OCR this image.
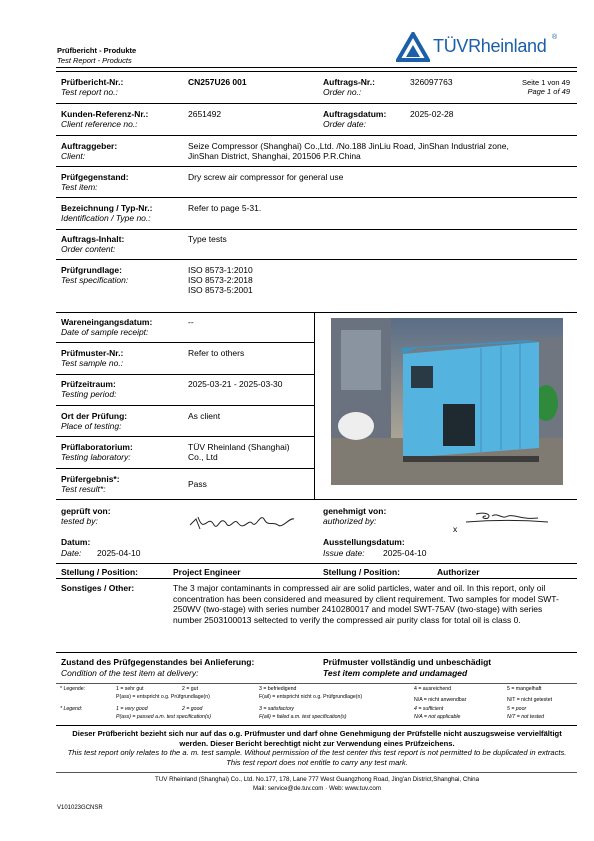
Prüfbericht - Produkte
Test Report - Products
TÜVRheinland ®
Prüfbericht-Nr.:
Test report no.:
CN257U26 001	Auftrags-Nr.:
Order no.:
326097763	Seite 1 von 49
Page 1 of 49
Kunden-Referenz-Nr.:
Client reference no.:
2651492	Auftragsdatum:
Order date:
2025-02-28
Auftraggeber:
Client:
Seize Compressor (Shanghai) Co.,Ltd. /No.188 JinLiu Road, JinShan Industrial zone,
JinShan District, Shanghai, 201506 P.R.China
Prüfgegenstand:
Test item:
Dry screw air compressor for general use
Bezeichnung / Typ-Nr.:
Identification / Type no.:
Refer to page 5-31.
Auftrags-Inhalt:
Order content:
Type tests
Prüfgrundlage:
Test specification:
ISO 8573-1:2010
ISO 8573-2:2018
ISO 8573-5:2001
Wareneingangsdatum:
Date of sample receipt:
--
Prüfmuster-Nr.:
Test sample no.:
Refer to others
Prüfzeitraum:
Testing period:
2025-03-21 - 2025-03-30
Ort der Prüfung:
Place of testing:
As client
Prüflaboratorium:
Testing laboratory:
TÜV Rheinland (Shanghai)
Co., Ltd
Prüfergebnis*:
Test result*:	Pass
geprüft von:
tested by:
genehmigt von:
authorized by:
x
Datum:
Date: 2025-04-10
Ausstellungsdatum:
Issue date: 2025-04-10
Stellung / Position:	Project Engineer	Stellung / Position:	Authorizer
Sonstiges / Other:	The 3 major contaminants in compressed air are solid particles, water and oil. In this report, only oil concentration has been considered and measured by client requirement. Two samples for model SWT-250WV (two-stage) with series number 2410280017 and model SWT-75AV (two-stage) with series number 2503100013 seltected to verify the compressed air purity class for total oil is class 0.
Zustand des Prüfgegenstandes bei Anlieferung:
Condition of the test item at delivery:
Prüfmuster vollständig und unbeschädigt
Test item complete and undamaged
* Legende:	1 = sehr gut	2 = gut	3 = befriedigend	4 = ausreichend	5 = mangelhaft
P(ass) = entspricht o.g. Prüfgrundlage(n)	F(ail) = entspricht nicht o.g. Prüfgrundlage(n)	N/A = nicht anwendbar	N/T = nicht getestet
* Legend:	1 = very good	2 = good	3 = satisfactory	4 = sufficient	5 = poor
P(ass) = passed a.m. test specification(s)	F(ail) = failed a.m. test specification(s)	N/A = not applicable	N/T = not tested
Dieser Prüfbericht bezieht sich nur auf das o.g. Prüfmuster und darf ohne Genehmigung der Prüfstelle nicht auszugsweise vervielfältigt werden. Dieser Bericht berechtigt nicht zur Verwendung eines Prüfzeichens.
This test report only relates to the a. m. test sample. Without permission of the test center this test report is not permitted to be duplicated in extracts. This test report does not entitle to carry any test mark.
TUV Rheinland (Shanghai) Co., Ltd. No.177, 178, Lane 777 West Guangzhong Road, Jing'an District,Shanghai, China
Mail: service@de.tuv.com · Web: www.tuv.com
V101023GCNSR
